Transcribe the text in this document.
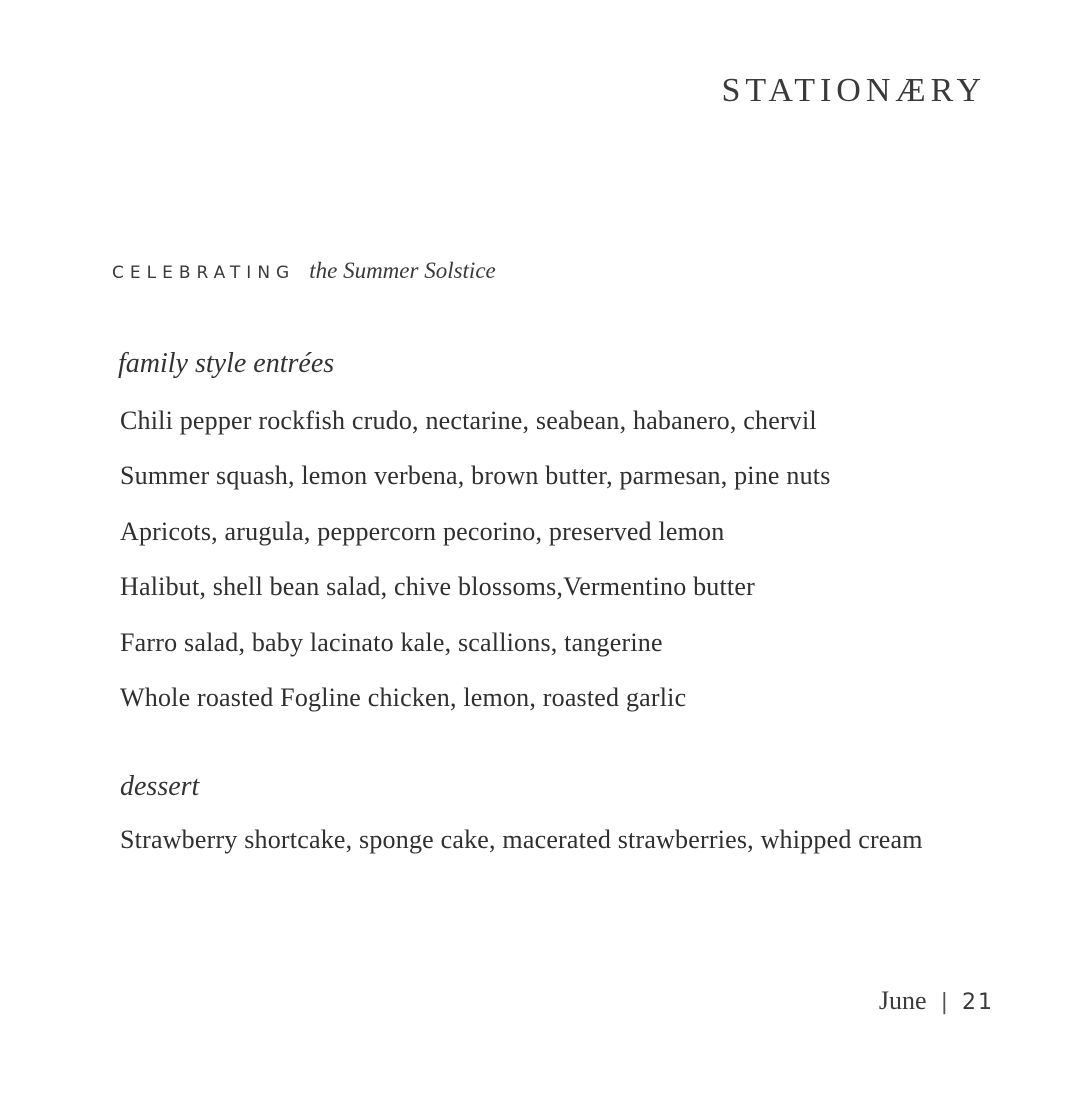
STATIONÆRY
CELEBRATING the Summer Solstice
family style entrées
Chili pepper rockfish crudo, nectarine, seabean, habanero, chervil
Summer squash, lemon verbena, brown butter, parmesan, pine nuts
Apricots, arugula, peppercorn pecorino, preserved lemon
Halibut, shell bean salad, chive blossoms,Vermentino butter
Farro salad, baby lacinato kale, scallions, tangerine
Whole roasted Fogline chicken, lemon, roasted garlic
dessert
Strawberry shortcake, sponge cake, macerated strawberries, whipped cream
June | 21
